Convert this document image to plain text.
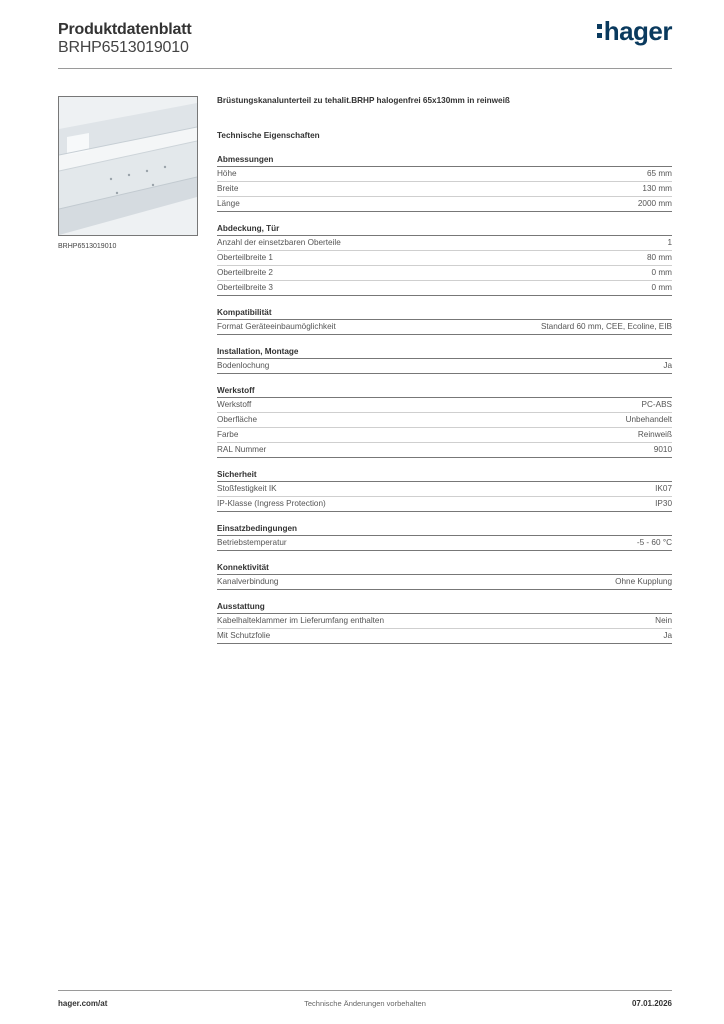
Produktdatenblatt
BRHP6513019010
hager
BRHP6513019010
Brüstungskanalunterteil zu tehalit.BRHP halogenfrei 65x130mm in reinweiß
Technische Eigenschaften
Abmessungen
Höhe	65 mm
Breite	130 mm
Länge	2000 mm
Abdeckung, Tür
Anzahl der einsetzbaren Oberteile	1
Oberteilbreite 1	80 mm
Oberteilbreite 2	0 mm
Oberteilbreite 3	0 mm
Kompatibilität
Format Geräteeinbaumöglichkeit	Standard 60 mm, CEE, Ecoline, EIB
Installation, Montage
Bodenlochung	Ja
Werkstoff
Werkstoff	PC-ABS
Oberfläche	Unbehandelt
Farbe	Reinweiß
RAL Nummer	9010
Sicherheit
Stoßfestigkeit IK	IK07
IP-Klasse (Ingress Protection)	IP30
Einsatzbedingungen
Betriebstemperatur	-5 - 60 °C
Konnektivität
Kanalverbindung	Ohne Kupplung
Ausstattung
Kabelhalteklammer im Lieferumfang enthalten	Nein
Mit Schutzfolie	Ja
hager.com/at	Technische Änderungen vorbehalten	07.01.2026
